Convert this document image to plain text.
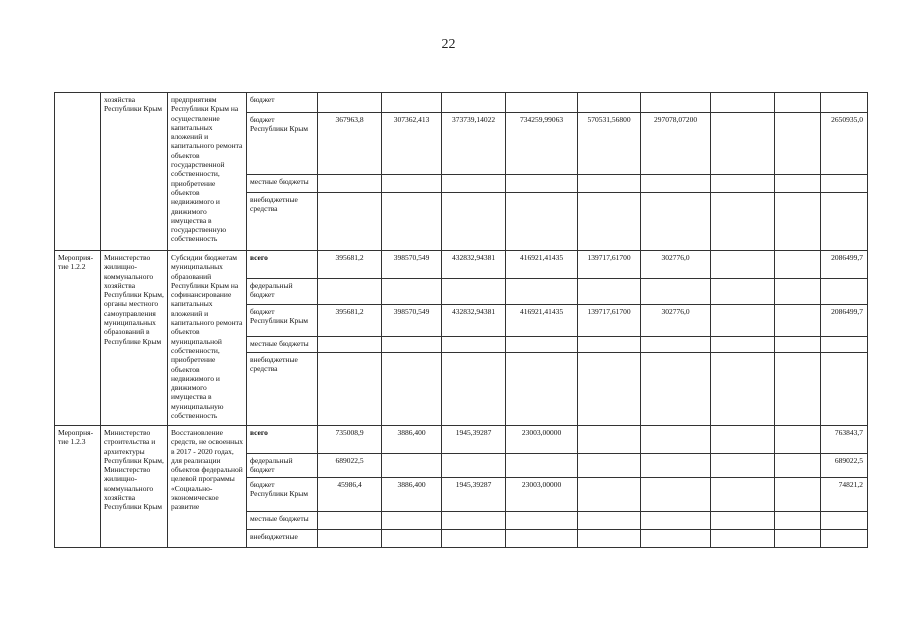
22
	хозяйства Республики Крым	предприятиям Республики Крым на осуществление капитальных вложений и капитального ремонта объектов государственной собственности, приобретение объектов недвижимого и движимого имущества в государственную собственность	бюджет									

			бюджет Республики Крым	367963,8	307362,413	373739,14022	734259,99063	570531,56800	297078,07200			2650935,0

			местные бюджеты									

			внебюджетные средства									

Мероприя-тие 1.2.2	Министерство жилищно-коммунального хозяйства Республики Крым, органы местного самоуправления муниципальных образований в Республике Крым	Субсидии бюджетам муниципальных образований Республики Крым на софинансирование капитальных вложений и капитального ремонта объектов муниципальной собственности, приобретение объектов недвижимого и движимого имущества в муниципальную собственность	всего	395681,2	398570,549	432832,94381	416921,41435	139717,61700	302776,0			2086499,7

			федеральный бюджет									

			бюджет Республики Крым	395681,2	398570,549	432832,94381	416921,41435	139717,61700	302776,0			2086499,7

			местные бюджеты									

			внебюджетные средства									

Меропрня-тие 1.2.3	Министерство строительства и архитектуры Республики Крым, Министерство жилищно-коммунального хозяйства Республики Крым	Восстановление средств, не освоенных в 2017 - 2020 годах, для реализации объектов федеральной целевой программы «Социально-экономическое развитие	всего	735008,9	3886,400	1945,39287	23003,00000					763843,7

			федеральный бюджет	689022,5								689022,5

			бюджет Республики Крым	45986,4	3886,400	1945,39287	23003,00000					74821,2

			местные бюджеты									

			внебюджетные									
